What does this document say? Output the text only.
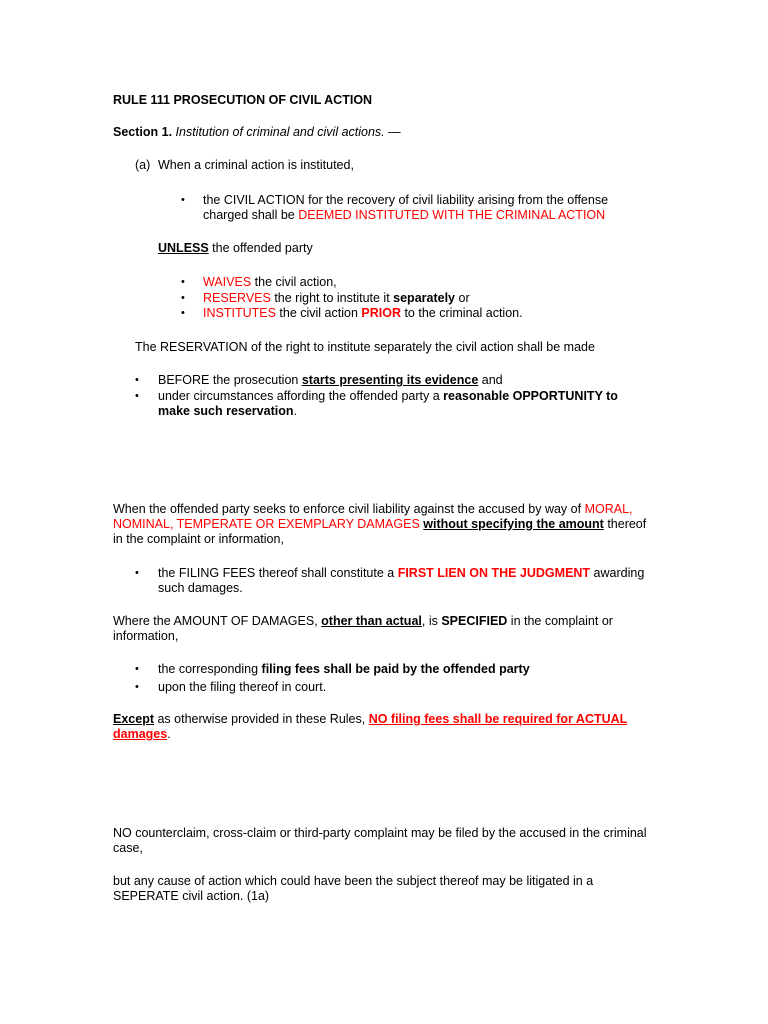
RULE 111 PROSECUTION OF CIVIL ACTION
Section 1. Institution of criminal and civil actions. —
(a) When a criminal action is instituted,
• the CIVIL ACTION for the recovery of civil liability arising from the offense
charged shall be DEEMED INSTITUTED WITH THE CRIMINAL ACTION
UNLESS the offended party
• WAIVES the civil action,
• RESERVES the right to institute it separately or
• INSTITUTES the civil action PRIOR to the criminal action.
The RESERVATION of the right to institute separately the civil action shall be made
• BEFORE the prosecution starts presenting its evidence and
• under circumstances affording the offended party a reasonable OPPORTUNITY to
make such reservation.
When the offended party seeks to enforce civil liability against the accused by way of MORAL,
NOMINAL, TEMPERATE OR EXEMPLARY DAMAGES without specifying the amount thereof
in the complaint or information,
• the FILING FEES thereof shall constitute a FIRST LIEN ON THE JUDGMENT awarding
such damages.
Where the AMOUNT OF DAMAGES, other than actual, is SPECIFIED in the complaint or
information,
• the corresponding filing fees shall be paid by the offended party
• upon the filing thereof in court.
Except as otherwise provided in these Rules, NO filing fees shall be required for ACTUAL
damages.
NO counterclaim, cross-claim or third-party complaint may be filed by the accused in the criminal
case,
but any cause of action which could have been the subject thereof may be litigated in a
SEPERATE civil action. (1a)
